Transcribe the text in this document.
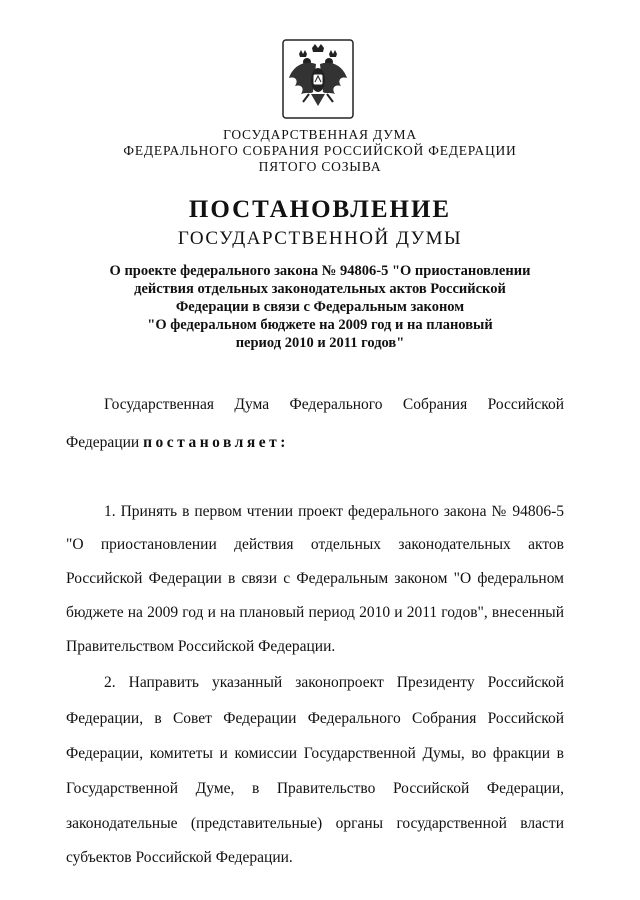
ГОСУДАРСТВЕННАЯ ДУМА
ФЕДЕРАЛЬНОГО СОБРАНИЯ РОССИЙСКОЙ ФЕДЕРАЦИИ
ПЯТОГО СОЗЫВА
ПОСТАНОВЛЕНИЕ
ГОСУДАРСТВЕННОЙ ДУМЫ
О проекте федерального закона № 94806-5 "О приостановлении
действия отдельных законодательных актов Российской
Федерации в связи с Федеральным законом
"О федеральном бюджете на 2009 год и на плановый
период 2010 и 2011 годов"
Государственная Дума Федерального Собрания Российской
Федерации постановляет:
1. Принять в первом чтении проект федерального закона № 94806-5
"О приостановлении действия отдельных законодательных актов
Российской Федерации в связи с Федеральным законом "О федеральном
бюджете на 2009 год и на плановый период 2010 и 2011 годов", внесенный
Правительством Российской Федерации.
2. Направить указанный законопроект Президенту Российской
Федерации, в Совет Федерации Федерального Собрания Российской
Федерации, комитеты и комиссии Государственной Думы, во фракции в
Государственной Думе, в Правительство Российской Федерации,
законодательные (представительные) органы государственной власти
субъектов Российской Федерации.
